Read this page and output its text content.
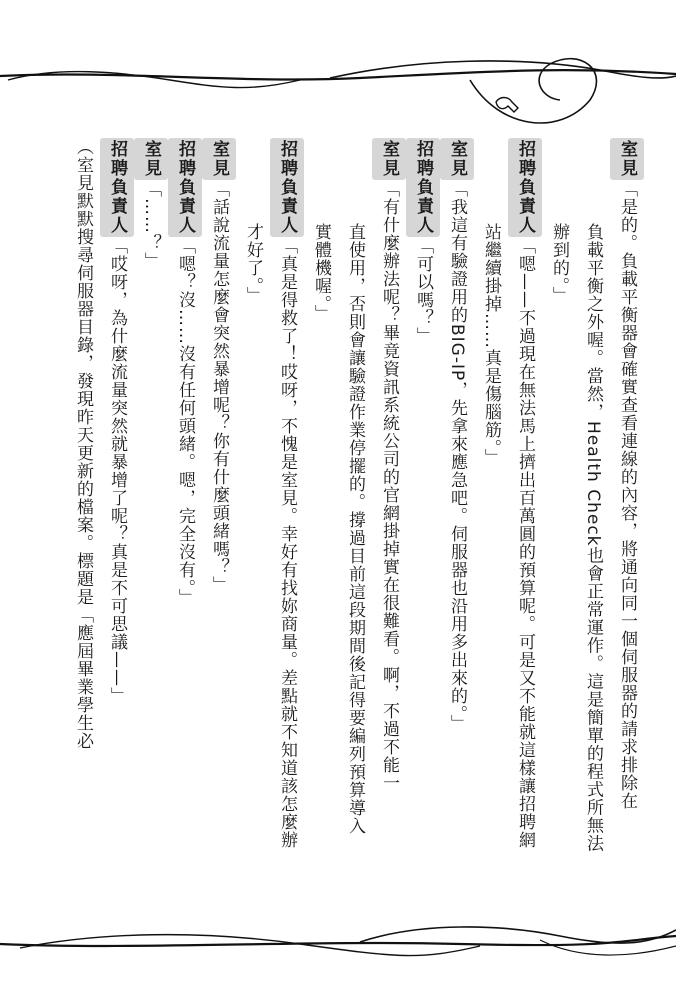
室見「是的。負載平衡器會確實查看連線的內容，將通向同一個伺服器的請求排除在
負載平衡之外喔。當然，Health Check也會正常運作。這是簡單的程式所無法
辦到的。」
招聘負責人「嗯——不過現在無法馬上擠出百萬圓的預算呢。可是又不能就這樣讓招聘網
站繼續掛掉……真是傷腦筋。」
室見「我這有驗證用的BIG-IP，先拿來應急吧。伺服器也沿用多出來的。」
招聘負責人「可以嗎？」
室見「有什麼辦法呢？畢竟資訊系統公司的官網掛掉實在很難看。啊，不過不能一
直使用，否則會讓驗證作業停擺的。撐過目前這段期間後記得要編列預算導入
實體機喔。」
招聘負責人「真是得救了！哎呀，不愧是室見。幸好有找妳商量。差點就不知道該怎麼辦
才好了。」
室見「話說流量怎麼會突然暴增呢？你有什麼頭緒嗎？」
招聘負責人「嗯？沒……沒有任何頭緒。嗯，完全沒有。」
室見「……？」
招聘負責人「哎呀，為什麼流量突然就暴增了呢？真是不可思議——」
（室見默默搜尋伺服器目錄，發現昨天更新的檔案。標題是「應屆畢業學生必
